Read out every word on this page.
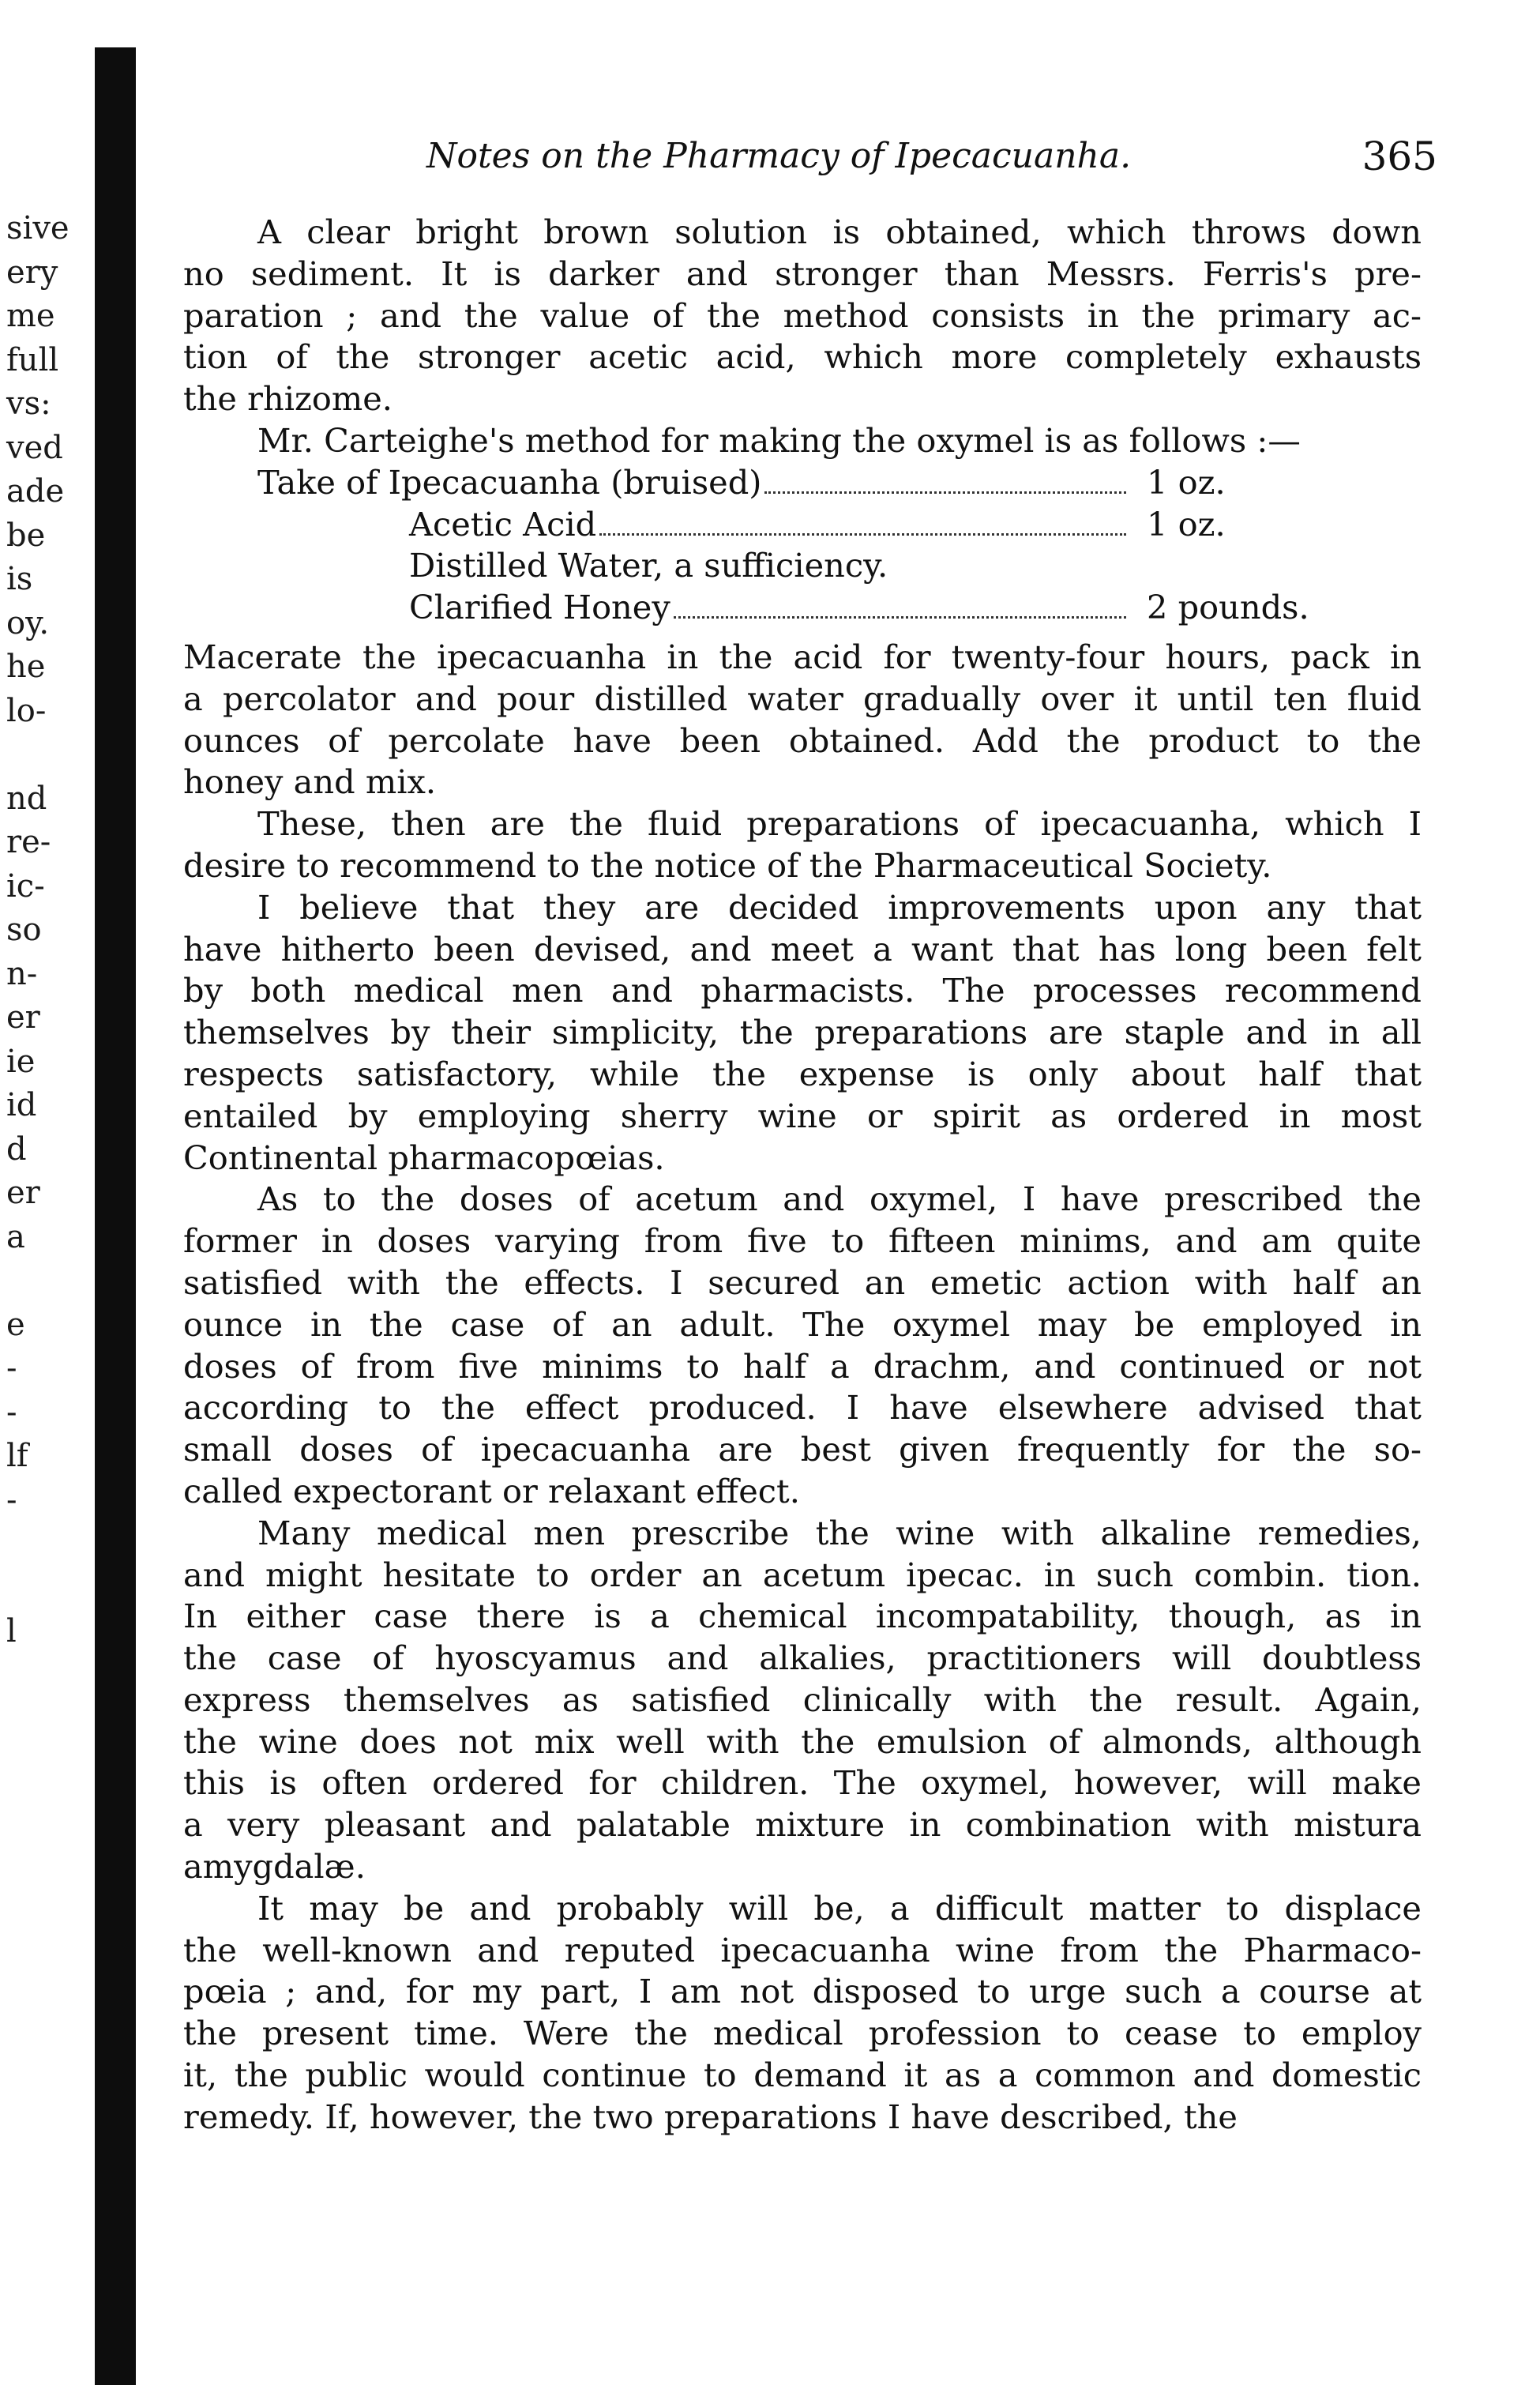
sive
ery
me
full
vs:
ved
ade
be
is
oy.
he
lo-
nd
re-
ic-
so
n-
er
ie
id
d
er
a
e
-
-
lf
-
l
Notes on the Pharmacy of Ipecacuanha.	365

A clear bright brown solution is obtained, which throws down
no sediment. It is darker and stronger than Messrs. Ferris's pre-
paration ; and the value of the method consists in the primary ac-
tion of the stronger acetic acid, which more completely exhausts
the rhizome.

Mr. Carteighe's method for making the oxymel is as follows :—

Take of Ipecacuanha (bruised)	1 oz.
Acetic Acid	1 oz.
Distilled Water, a sufficiency.
Clarified Honey	2 pounds.

Macerate the ipecacuanha in the acid for twenty-four hours, pack in
a percolator and pour distilled water gradually over it until ten fluid
ounces of percolate have been obtained. Add the product to the
honey and mix.

These, then are the fluid preparations of ipecacuanha, which I
desire to recommend to the notice of the Pharmaceutical Society.

I believe that they are decided improvements upon any that
have hitherto been devised, and meet a want that has long been felt
by both medical men and pharmacists. The processes recommend
themselves by their simplicity, the preparations are staple and in all
respects satisfactory, while the expense is only about half that
entailed by employing sherry wine or spirit as ordered in most
Continental pharmacopœias.

As to the doses of acetum and oxymel, I have prescribed the
former in doses varying from five to fifteen minims, and am quite
satisfied with the effects. I secured an emetic action with half an
ounce in the case of an adult. The oxymel may be employed in
doses of from five minims to half a drachm, and continued or not
according to the effect produced. I have elsewhere advised that
small doses of ipecacuanha are best given frequently for the so-
called expectorant or relaxant effect.

Many medical men prescribe the wine with alkaline remedies,
and might hesitate to order an acetum ipecac. in such combin. tion.
In either case there is a chemical incompatability, though, as in
the case of hyoscyamus and alkalies, practitioners will doubtless
express themselves as satisfied clinically with the result. Again,
the wine does not mix well with the emulsion of almonds, although
this is often ordered for children. The oxymel, however, will make
a very pleasant and palatable mixture in combination with mistura
amygdalæ.

It may be and probably will be, a difficult matter to displace
the well-known and reputed ipecacuanha wine from the Pharmaco-
pœia ; and, for my part, I am not disposed to urge such a course at
the present time. Were the medical profession to cease to employ
it, the public would continue to demand it as a common and domestic
remedy. If, however, the two preparations I have described, the
